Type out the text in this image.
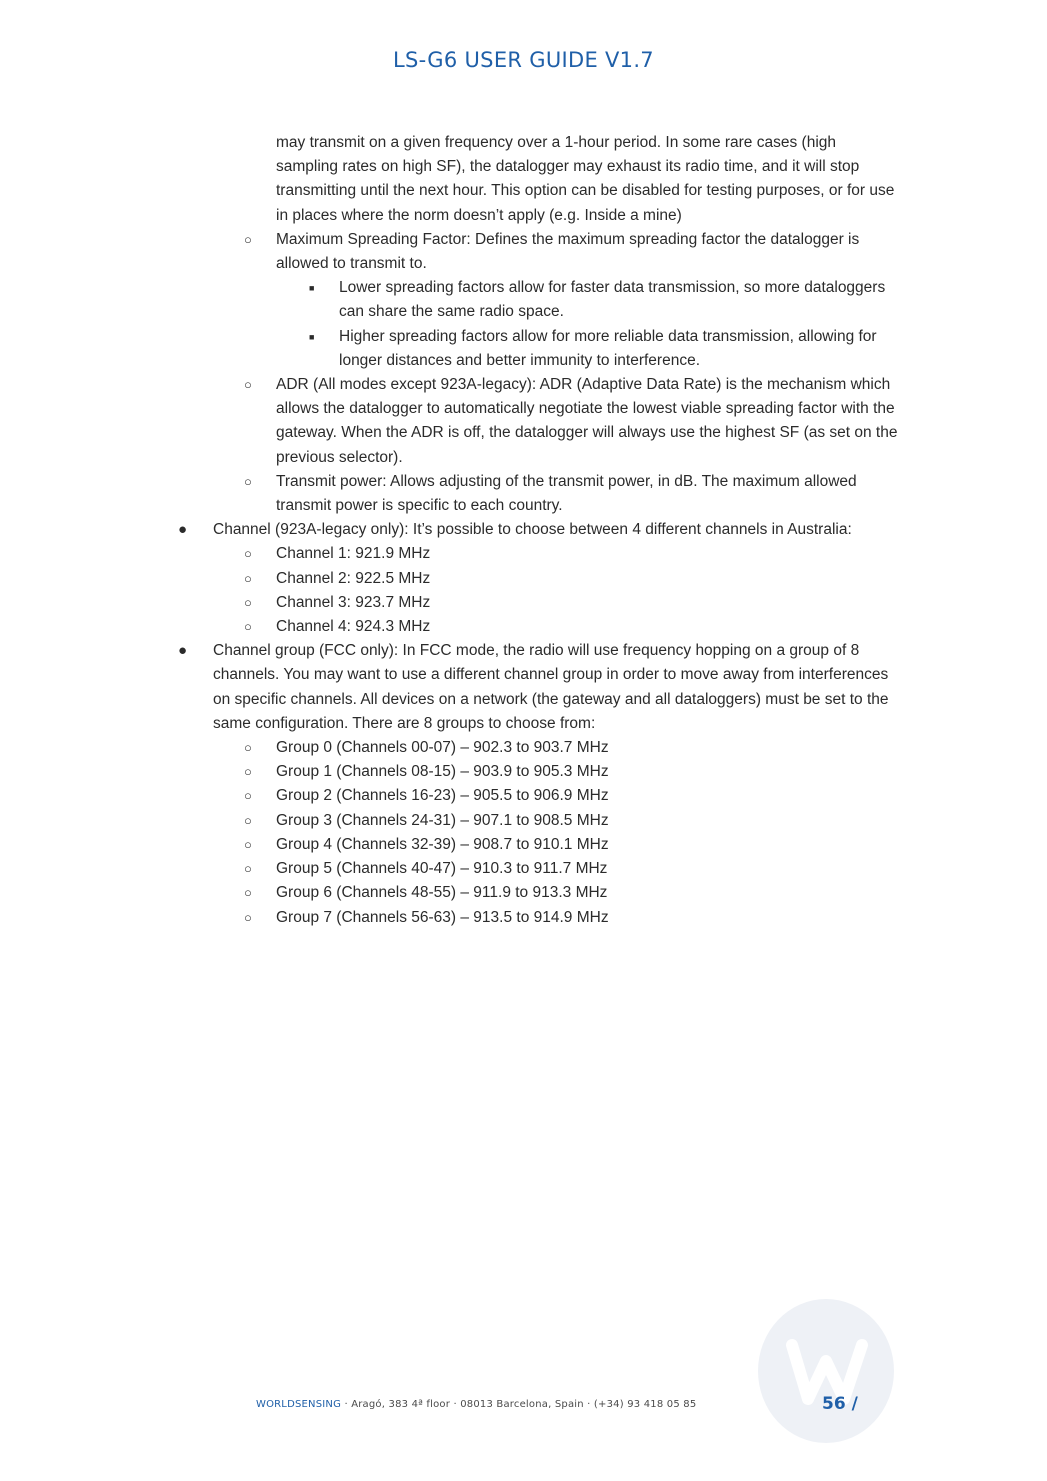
LS-G6 USER GUIDE V1.7
may transmit on a given frequency over a 1-hour period. In some rare cases (high sampling rates on high SF), the datalogger may exhaust its radio time, and it will stop transmitting until the next hour. This option can be disabled for testing purposes, or for use in places where the norm doesn’t apply (e.g. Inside a mine)
○ Maximum Spreading Factor: Defines the maximum spreading factor the datalogger is allowed to transmit to.
■ Lower spreading factors allow for faster data transmission, so more dataloggers can share the same radio space.
■ Higher spreading factors allow for more reliable data transmission, allowing for longer distances and better immunity to interference.
○ ADR (All modes except 923A-legacy): ADR (Adaptive Data Rate) is the mechanism which allows the datalogger to automatically negotiate the lowest viable spreading factor with the gateway. When the ADR is off, the datalogger will always use the highest SF (as set on the previous selector).
○ Transmit power: Allows adjusting of the transmit power, in dB. The maximum allowed transmit power is specific to each country.
● Channel (923A-legacy only): It’s possible to choose between 4 different channels in Australia:
○ Channel 1: 921.9 MHz
○ Channel 2: 922.5 MHz
○ Channel 3: 923.7 MHz
○ Channel 4: 924.3 MHz
● Channel group (FCC only): In FCC mode, the radio will use frequency hopping on a group of 8 channels. You may want to use a different channel group in order to move away from interferences on specific channels. All devices on a network (the gateway and all dataloggers) must be set to the same configuration. There are 8 groups to choose from:
○ Group 0 (Channels 00-07) – 902.3 to 903.7 MHz
○ Group 1 (Channels 08-15) – 903.9 to 905.3 MHz
○ Group 2 (Channels 16-23) – 905.5 to 906.9 MHz
○ Group 3 (Channels 24-31) – 907.1 to 908.5 MHz
○ Group 4 (Channels 32-39) – 908.7 to 910.1 MHz
○ Group 5 (Channels 40-47) – 910.3 to 911.7 MHz
○ Group 6 (Channels 48-55) – 911.9 to 913.3 MHz
○ Group 7 (Channels 56-63) – 913.5 to 914.9 MHz
WORLDSENSING · Aragó, 383 4ª floor · 08013 Barcelona, Spain · (+34) 93 418 05 85	56 /
